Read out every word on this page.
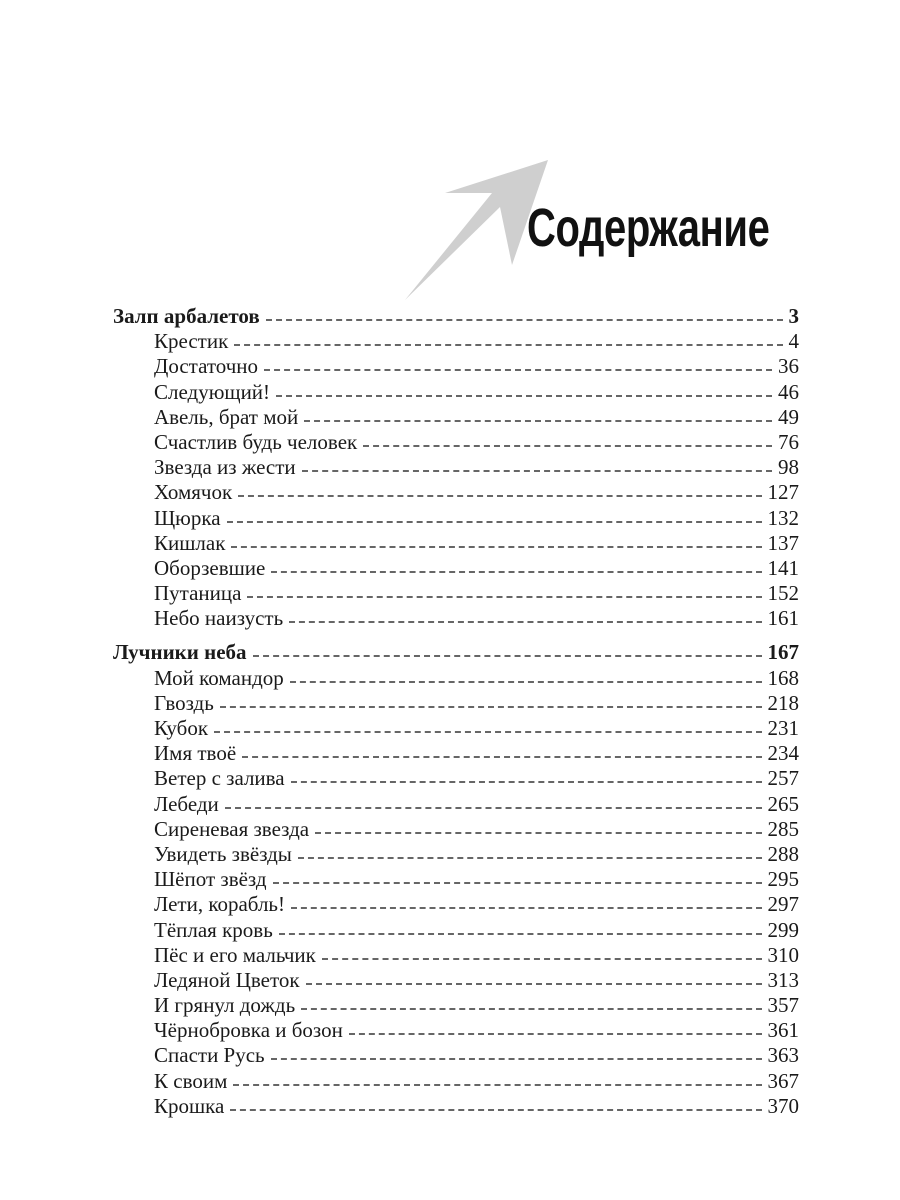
Содержание
Залп арбалетов	3
Крестик	4
Достаточно	36
Следующий!	46
Авель, брат мой	49
Счастлив будь человек	76
Звезда из жести	98
Хомячок	127
Щюрка	132
Кишлак	137
Оборзевшие	141
Путаница	152
Небо наизусть	161
Лучники неба	167
Мой командор	168
Гвоздь	218
Кубок	231
Имя твоё	234
Ветер с залива	257
Лебеди	265
Сиреневая звезда	285
Увидеть звёзды	288
Шёпот звёзд	295
Лети, корабль!	297
Тёплая кровь	299
Пёс и его мальчик	310
Ледяной Цветок	313
И грянул дождь	357
Чёрнобровка и бозон	361
Спасти Русь	363
К своим	367
Крошка	370
